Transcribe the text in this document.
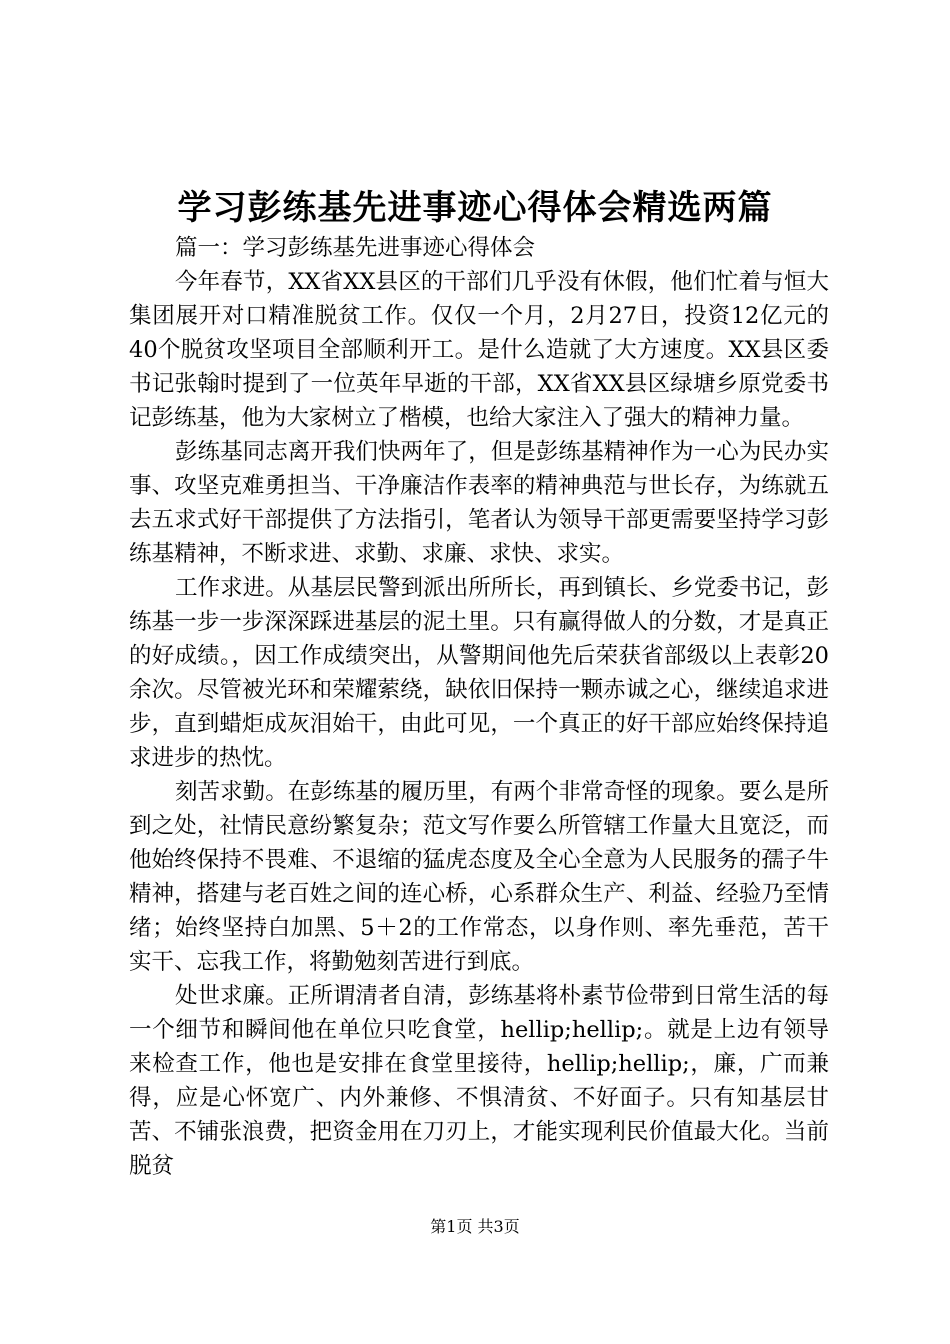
学习彭练基先进事迹心得体会精选两篇

篇一：学习彭练基先进事迹心得体会

今年春节，XX省XX县区的干部们几乎没有休假，他们忙着与恒大集团展开对口精准脱贫工作。仅仅一个月，2月27日，投资12亿元的40个脱贫攻坚项目全部顺利开工。是什么造就了大方速度。XX县区委书记张翰时提到了一位英年早逝的干部，XX省XX县区绿塘乡原党委书记彭练基，他为大家树立了楷模，也给大家注入了强大的精神力量。

彭练基同志离开我们快两年了，但是彭练基精神作为一心为民办实事、攻坚克难勇担当、干净廉洁作表率的精神典范与世长存，为练就五去五求式好干部提供了方法指引，笔者认为领导干部更需要坚持学习彭练基精神，不断求进、求勤、求廉、求快、求实。

工作求进。从基层民警到派出所所长，再到镇长、乡党委书记，彭练基一步一步深深踩进基层的泥土里。只有赢得做人的分数，才是真正的好成绩。，因工作成绩突出，从警期间他先后荣获省部级以上表彰20余次。尽管被光环和荣耀萦绕，缺依旧保持一颗赤诚之心，继续追求进步，直到蜡炬成灰泪始干，由此可见，一个真正的好干部应始终保持追求进步的热忱。

刻苦求勤。在彭练基的履历里，有两个非常奇怪的现象。要么是所到之处，社情民意纷繁复杂；范文写作要么所管辖工作量大且宽泛，而他始终保持不畏难、不退缩的猛虎态度及全心全意为人民服务的孺子牛精神，搭建与老百姓之间的连心桥，心系群众生产、利益、经验乃至情绪；始终坚持白加黑、5＋2的工作常态，以身作则、率先垂范，苦干实干、忘我工作，将勤勉刻苦进行到底。

处世求廉。正所谓清者自清，彭练基将朴素节俭带到日常生活的每一个细节和瞬间他在单位只吃食堂，hellip;hellip;。就是上边有领导来检查工作，他也是安排在食堂里接待，hellip;hellip;，廉，广而兼得，应是心怀宽广、内外兼修、不惧清贫、不好面子。只有知基层甘苦、不铺张浪费，把资金用在刀刃上，才能实现利民价值最大化。当前脱贫

第1页 共3页
